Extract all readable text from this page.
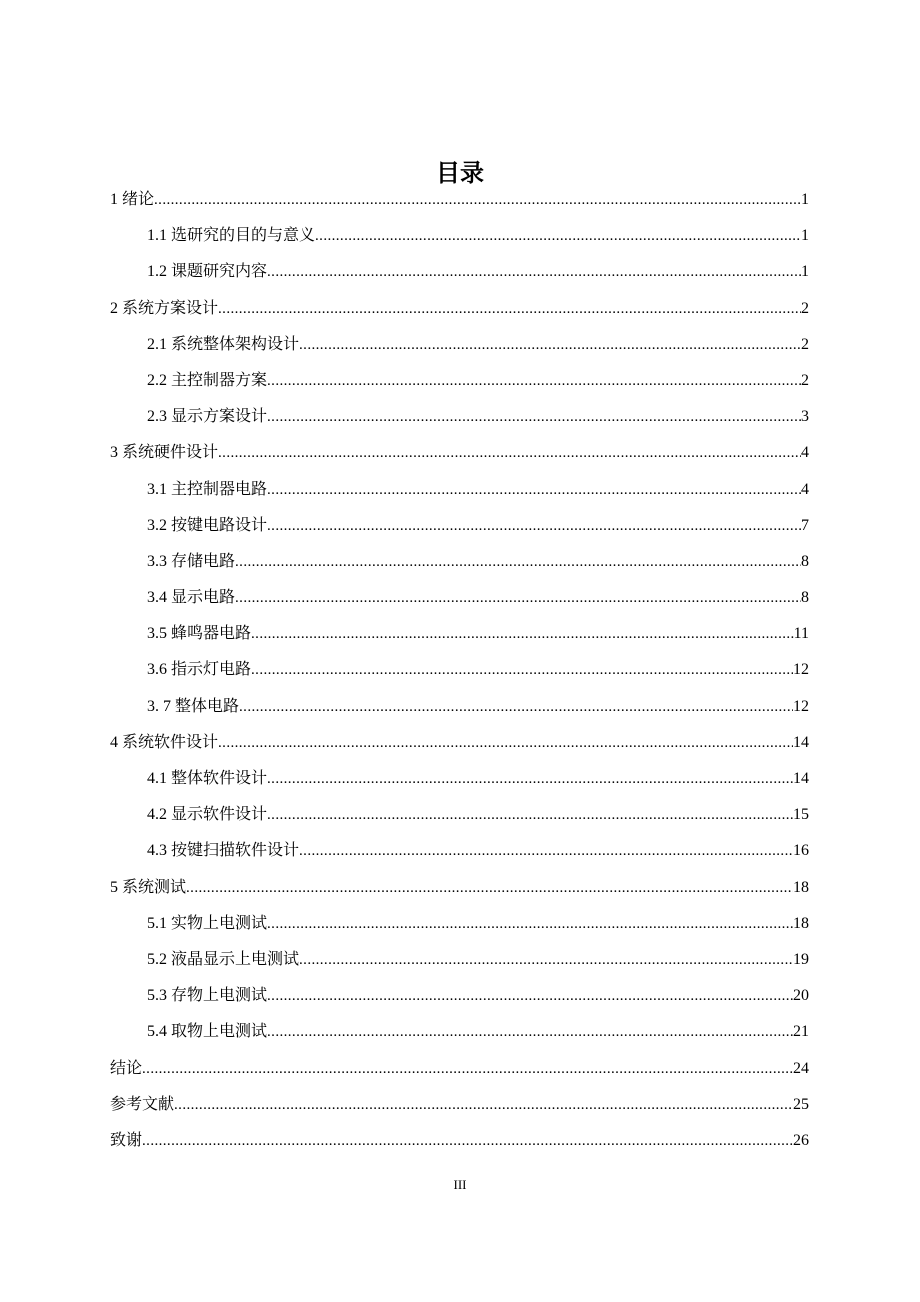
目录
1 绪论 .....	1
1.1 选研究的目的与意义 .....	1
1.2 课题研究内容 .....	1
2 系统方案设计 .....	2
2.1 系统整体架构设计 .....	2
2.2 主控制器方案 .....	2
2.3 显示方案设计 .....	3
3 系统硬件设计 .....	4
3.1 主控制器电路 .....	4
3.2 按键电路设计 .....	7
3.3 存储电路 .....	8
3.4 显示电路 .....	8
3.5 蜂鸣器电路 .....	11
3.6 指示灯电路 .....	12
3. 7 整体电路 .....	12
4 系统软件设计 .....	14
4.1 整体软件设计 .....	14
4.2 显示软件设计 .....	15
4.3 按键扫描软件设计 .....	16
5 系统测试 .....	18
5.1 实物上电测试 .....	18
5.2 液晶显示上电测试 .....	19
5.3 存物上电测试 .....	20
5.4 取物上电测试 .....	21
结论 .....	24
参考文献 .....	25
致谢 .....	26
III
